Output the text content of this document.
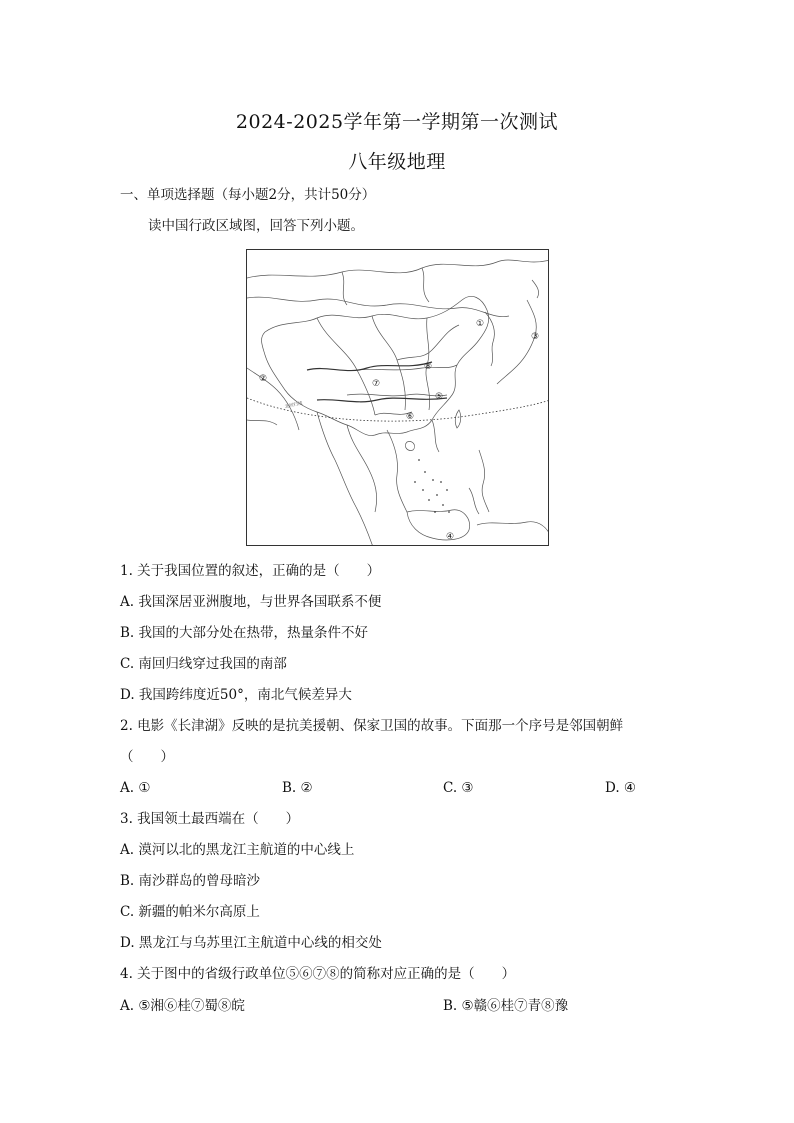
2024-2025学年第一学期第一次测试
八年级地理
一、单项选择题（每小题2分，共计50分）
读中国行政区域图，回答下列小题。
北回归线
①
②
③
④
⑤
⑥
⑦
⑧
1. 关于我国位置的叙述，正确的是（　　）
A. 我国深居亚洲腹地，与世界各国联系不便
B. 我国的大部分处在热带，热量条件不好
C. 南回归线穿过我国的南部
D. 我国跨纬度近50°，南北气候差异大
2. 电影《长津湖》反映的是抗美援朝、保家卫国的故事。下面那一个序号是邻国朝鲜
（　　）
A. ①	B. ②	C. ③	D. ④
3. 我国领土最西端在（　　）
A. 漠河以北的黑龙江主航道的中心线上
B. 南沙群岛的曾母暗沙
C. 新疆的帕米尔高原上
D. 黑龙江与乌苏里江主航道中心线的相交处
4. 关于图中的省级行政单位⑤⑥⑦⑧的简称对应正确的是（　　）
A. ⑤湘⑥桂⑦蜀⑧皖	B. ⑤赣⑥桂⑦青⑧豫
